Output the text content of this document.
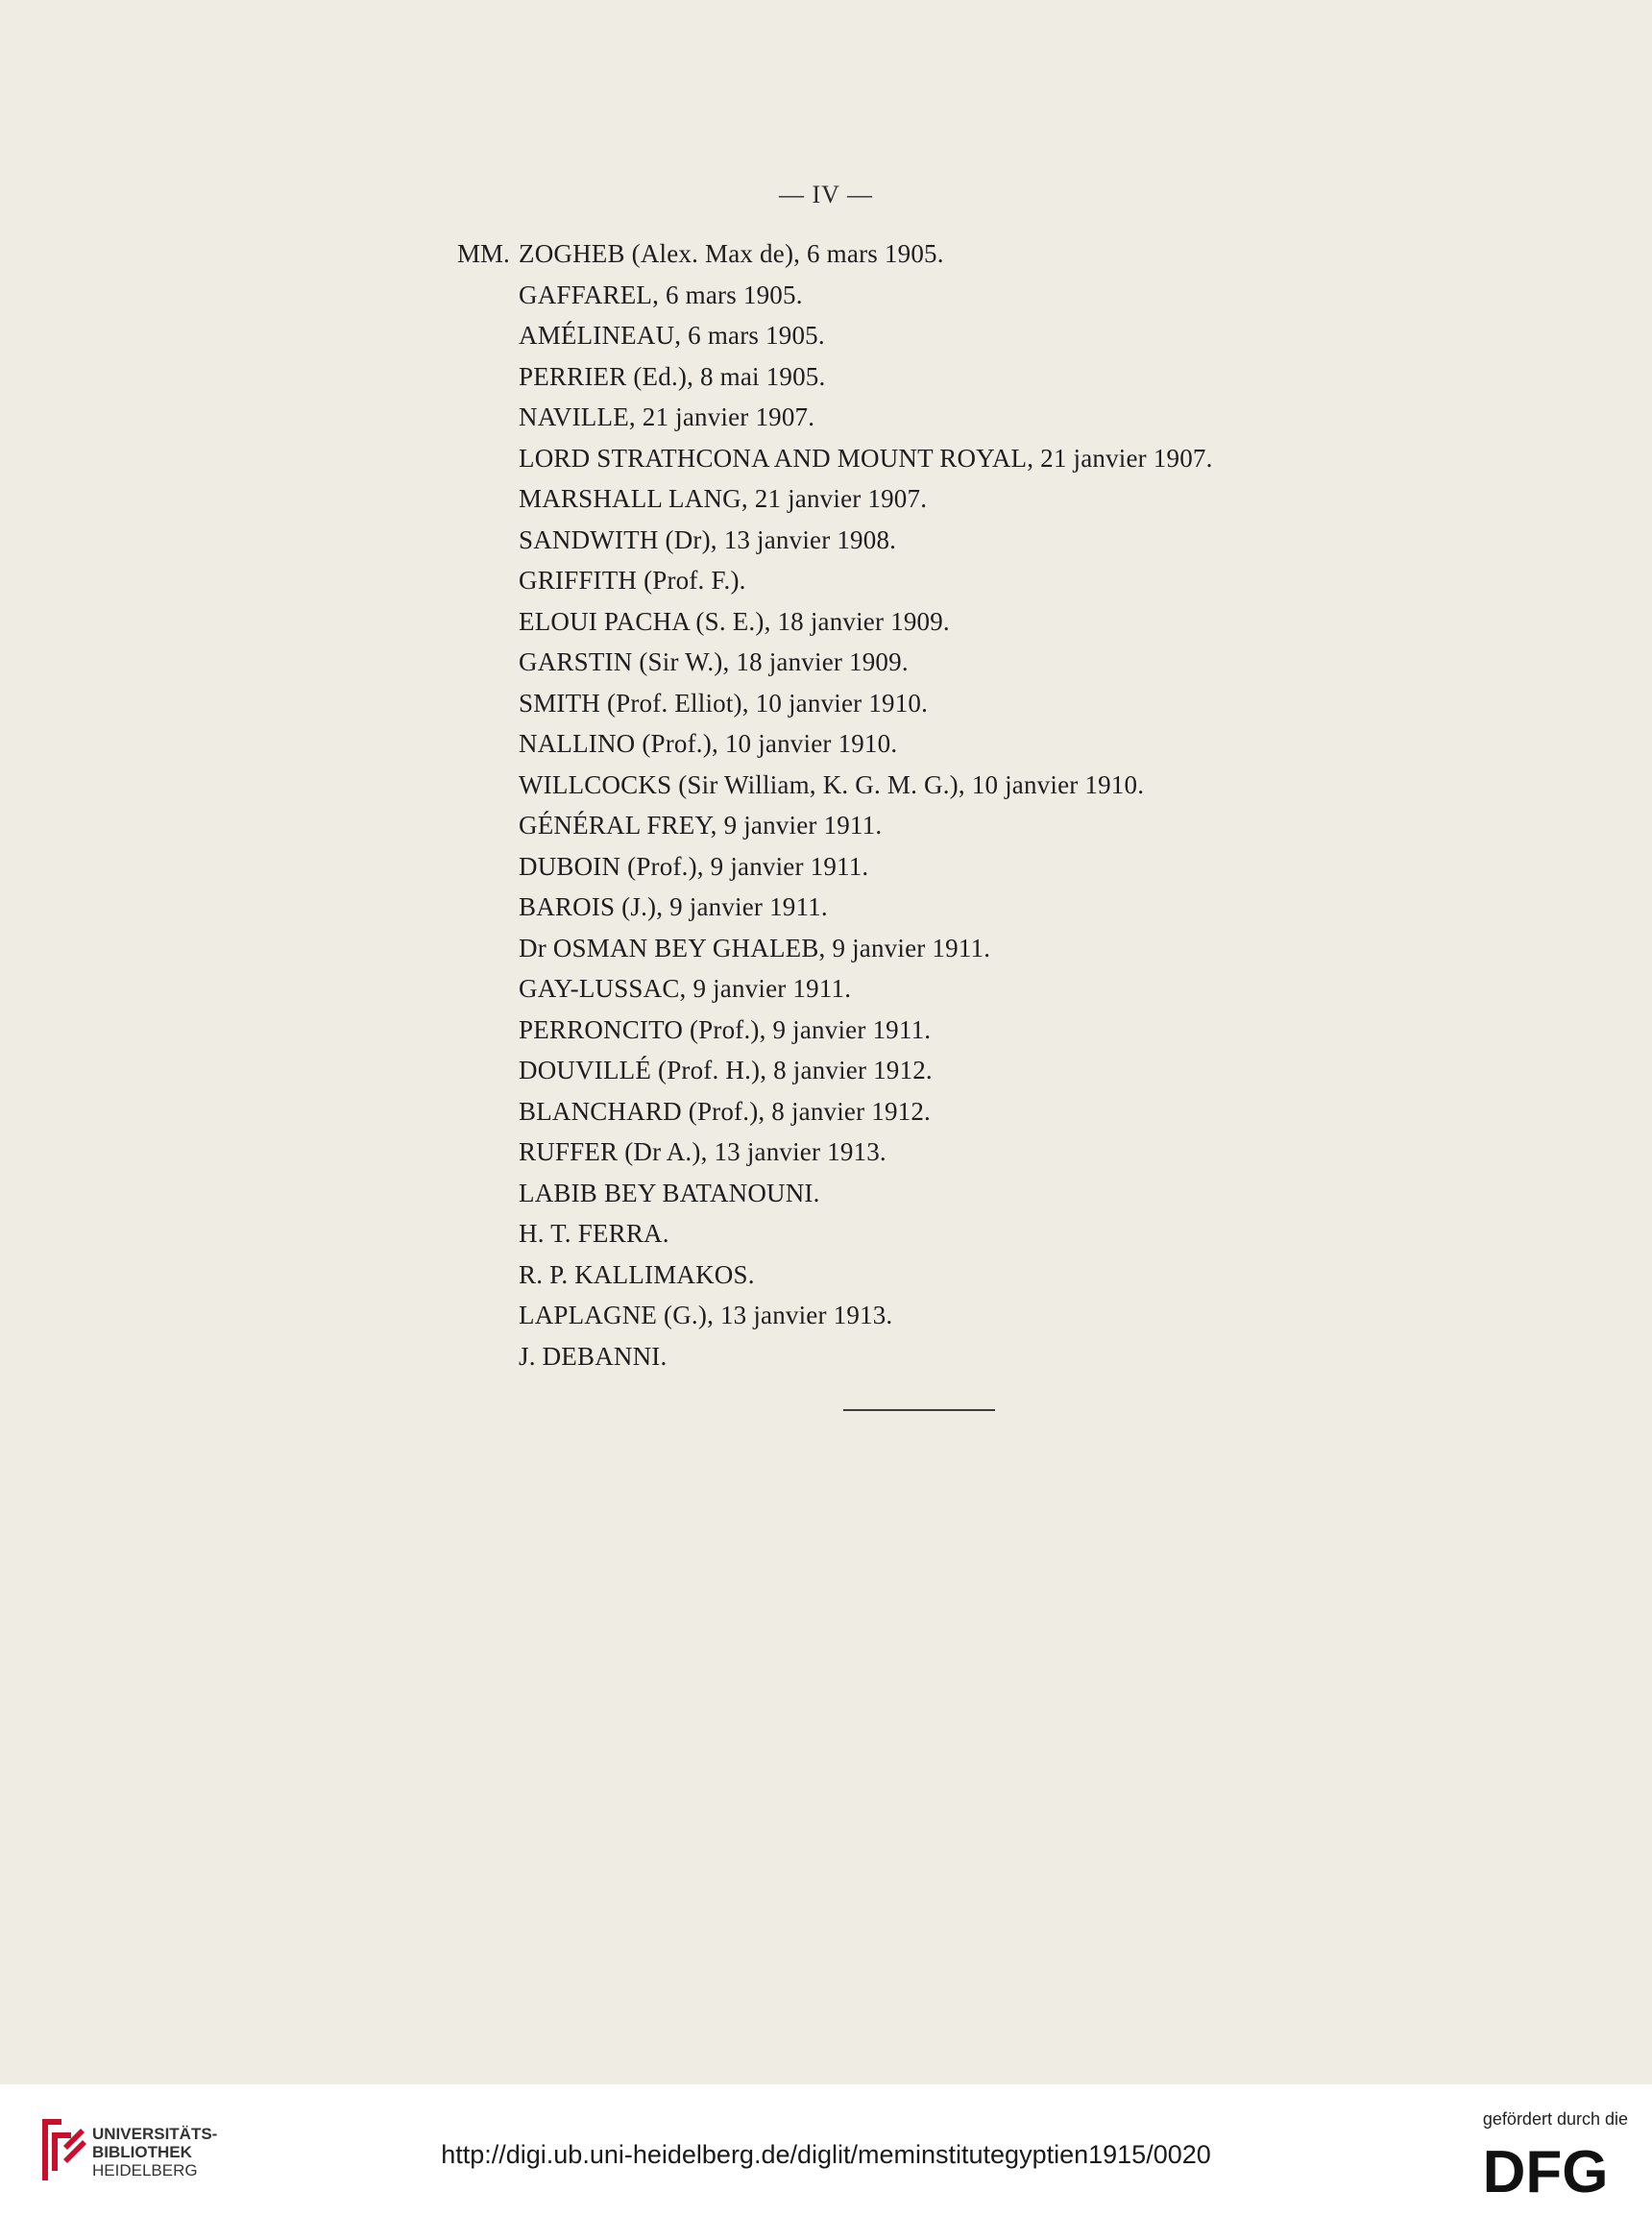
— IV —
MM. ZOGHEB (Alex. Max de), 6 mars 1905.
GAFFAREL, 6 mars 1905.
AMÉLINEAU, 6 mars 1905.
PERRIER (Ed.), 8 mai 1905.
NAVILLE, 21 janvier 1907.
LORD STRATHCONA AND MOUNT ROYAL, 21 janvier 1907.
MARSHALL LANG, 21 janvier 1907.
SANDWITH (Dr), 13 janvier 1908.
GRIFFITH (Prof. F.).
ELOUI PACHA (S. E.), 18 janvier 1909.
GARSTIN (Sir W.), 18 janvier 1909.
SMITH (Prof. Elliot), 10 janvier 1910.
NALLINO (Prof.), 10 janvier 1910.
WILLCOCKS (Sir William, K. G. M. G.), 10 janvier 1910.
GÉNÉRAL FREY, 9 janvier 1911.
DUBOIN (Prof.), 9 janvier 1911.
BAROIS (J.), 9 janvier 1911.
Dr OSMAN BEY GHALEB, 9 janvier 1911.
GAY-LUSSAC, 9 janvier 1911.
PERRONCITO (Prof.), 9 janvier 1911.
DOUVILLÉ (Prof. H.), 8 janvier 1912.
BLANCHARD (Prof.), 8 janvier 1912.
RUFFER (Dr A.), 13 janvier 1913.
LABIB BEY BATANOUNI.
H. T. FERRA.
R. P. KALLIMAKOS.
LAPLAGNE (G.), 13 janvier 1913.
J. DEBANNI.
UNIVERSITÄTS-
BIBLIOTHEK
HEIDELBERG
http://digi.ub.uni-heidelberg.de/diglit/meminstitutegyptien1915/0020
gefördert durch die
DFG
